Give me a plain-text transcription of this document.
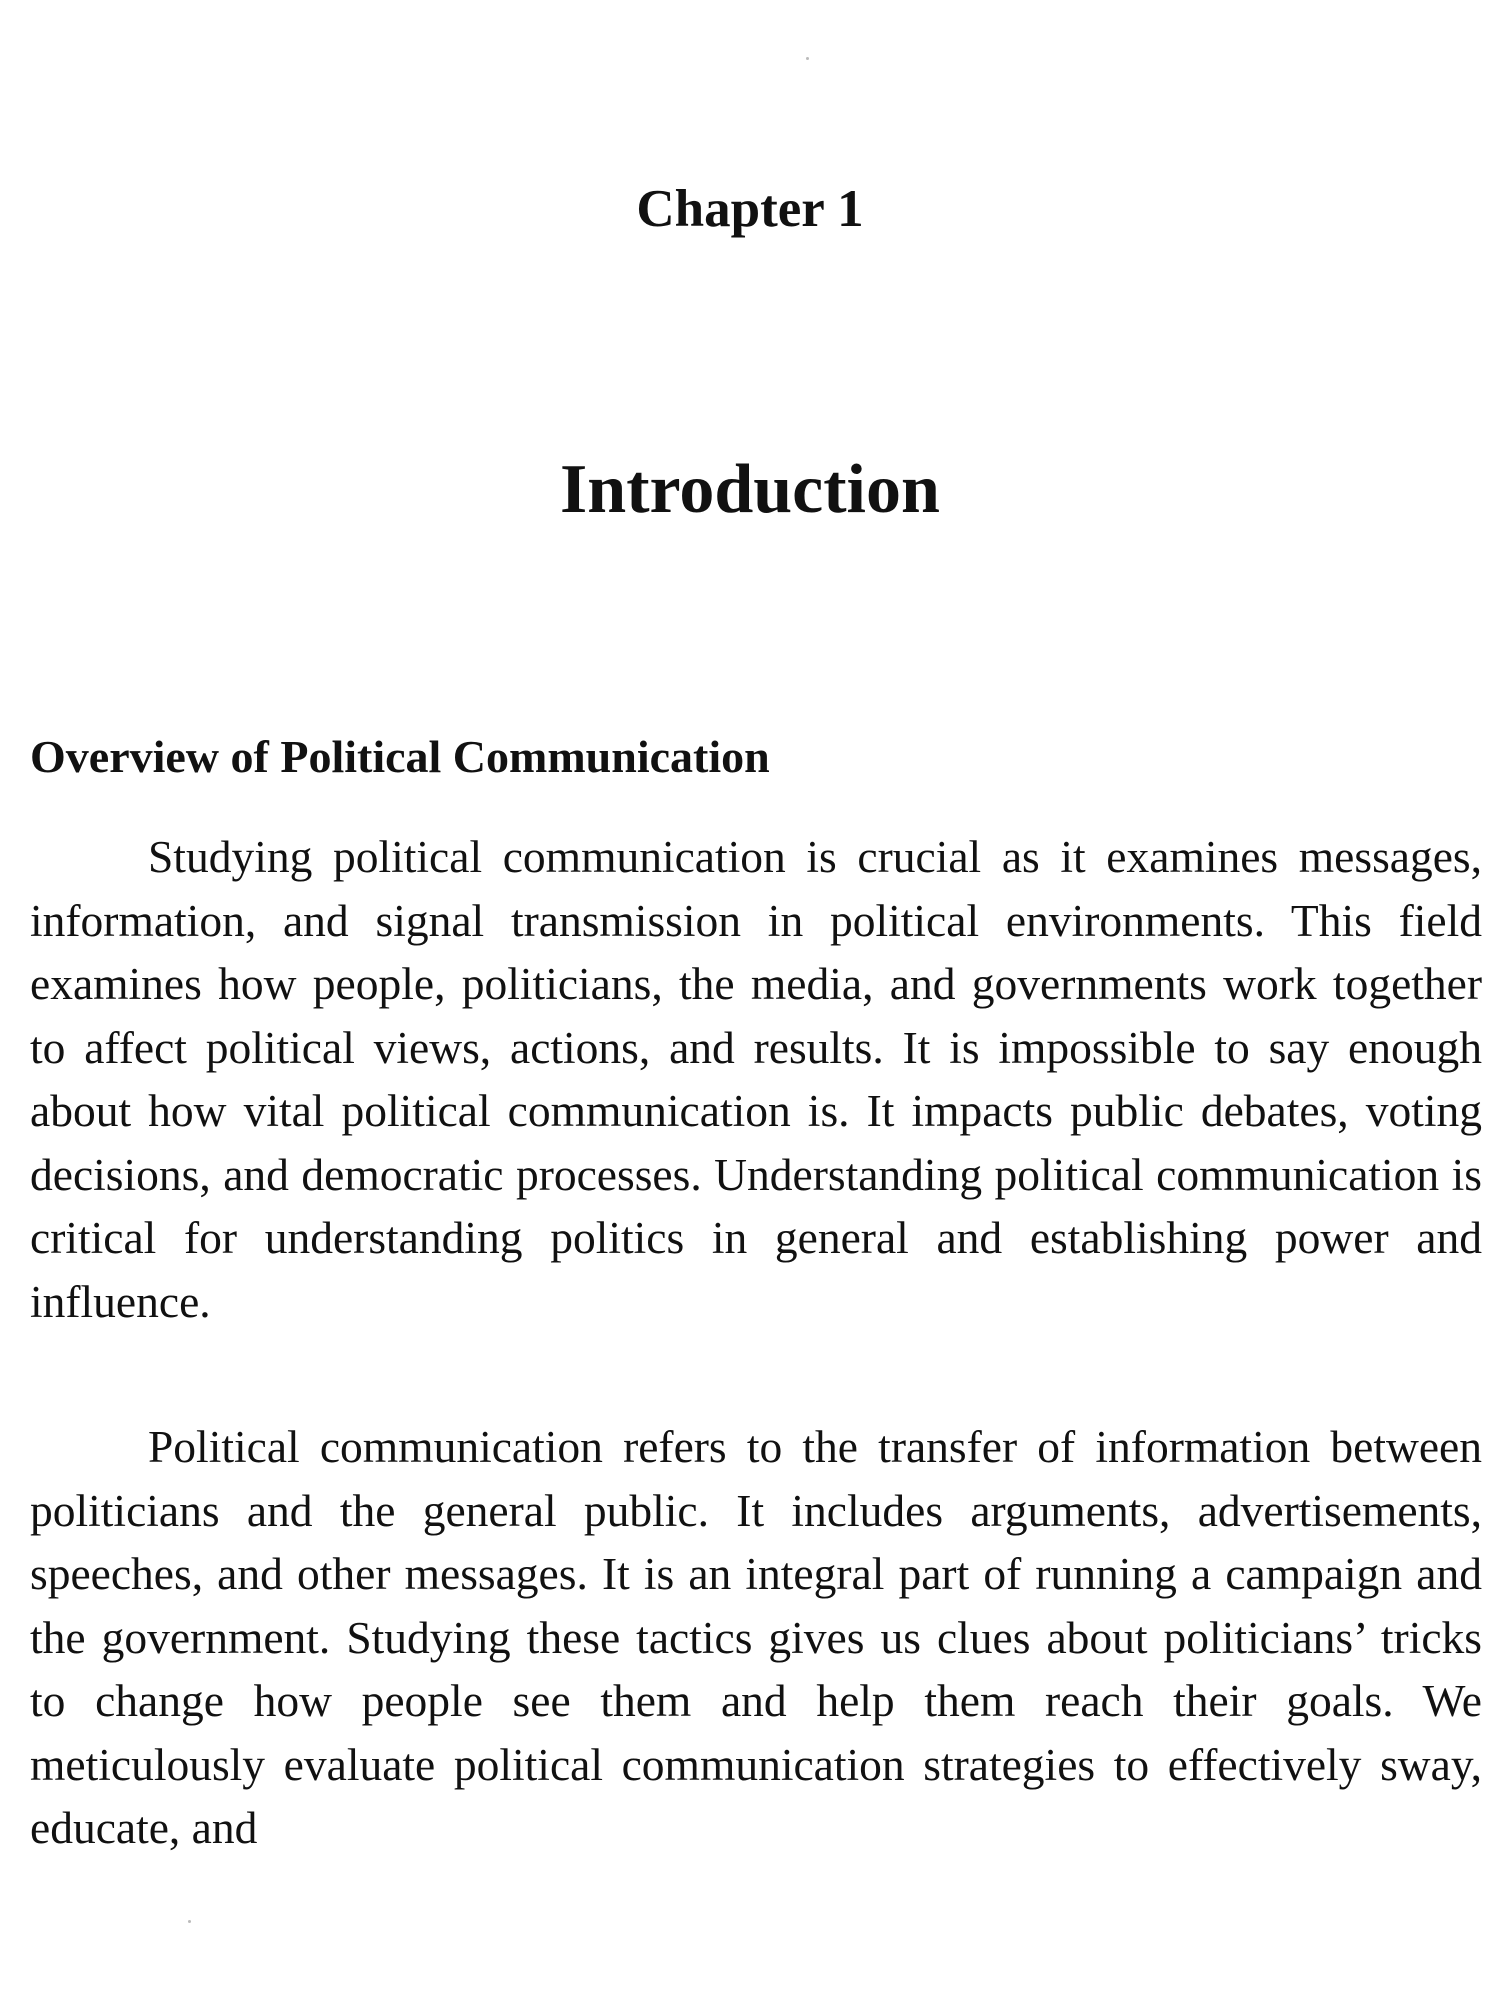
Chapter 1
Introduction
Overview of Political Communication

Studying political communication is crucial as it examines messages, information, and signal transmission in political environments. This field examines how people, politicians, the media, and governments work together to affect political views, actions, and results. It is impossible to say enough about how vital political communication is. It impacts public debates, voting decisions, and democratic processes. Understanding political communication is critical for understanding politics in general and establishing power and influence.

Political communication refers to the transfer of information between politicians and the general public. It includes arguments, advertisements, speeches, and other messages. It is an integral part of running a campaign and the government. Studying these tactics gives us clues about politicians’ tricks to change how people see them and help them reach their goals. We meticulously evaluate political communication strategies to effectively sway, educate, and
